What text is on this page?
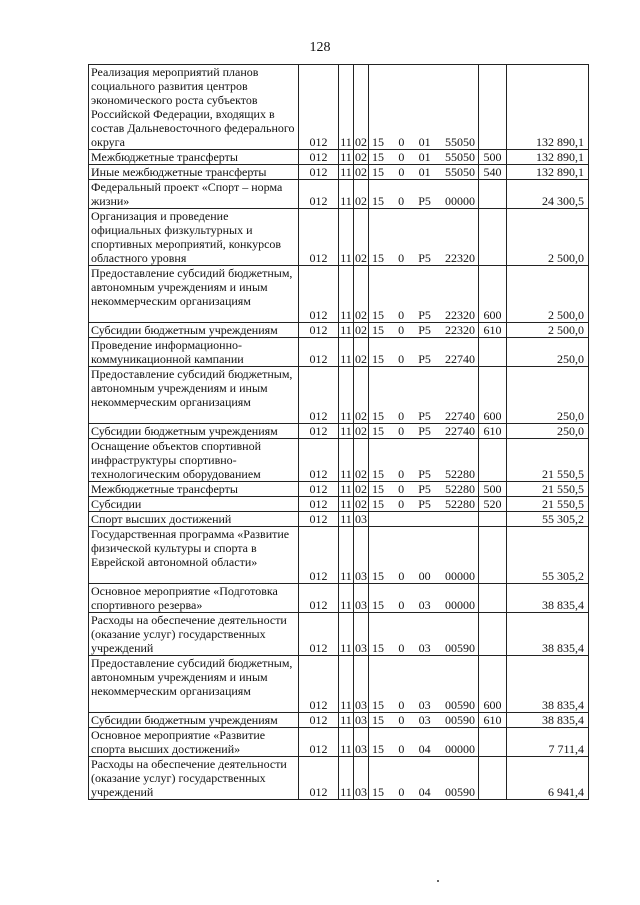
128
Реализация мероприятий планов социального развития центров экономического роста субъектов Российской Федерации, входящих в состав Дальневосточного федерального округа	012	11	02	15 0 01 55050		132 890,1
Межбюджетные трансферты	012	11	02	15 0 01 55050	500	132 890,1
Иные межбюджетные трансферты	012	11	02	15 0 01 55050	540	132 890,1
Федеральный проект «Спорт – норма жизни»	012	11	02	15 0 P5 00000		24 300,5
Организация и проведение официальных физкультурных и спортивных мероприятий, конкурсов областного уровня	012	11	02	15 0 P5 22320		2 500,0
Предоставление субсидий бюджетным, автономным учреждениям и иным некоммерческим организациям	012	11	02	15 0 P5 22320	600	2 500,0
Субсидии бюджетным учреждениям	012	11	02	15 0 P5 22320	610	2 500,0
Проведение информационно-коммуникационной кампании	012	11	02	15 0 P5 22740		250,0
Предоставление субсидий бюджетным, автономным учреждениям и иным некоммерческим организациям	012	11	02	15 0 P5 22740	600	250,0
Субсидии бюджетным учреждениям	012	11	02	15 0 P5 22740	610	250,0
Оснащение объектов спортивной инфраструктуры спортивно-технологическим оборудованием	012	11	02	15 0 P5 52280		21 550,5
Межбюджетные трансферты	012	11	02	15 0 P5 52280	500	21 550,5
Субсидии	012	11	02	15 0 P5 52280	520	21 550,5
Спорт высших достижений	012	11	03			55 305,2
Государственная программа «Развитие физической культуры и спорта в Еврейской автономной области»	012	11	03	15 0 00 00000		55 305,2
Основное мероприятие «Подготовка спортивного резерва»	012	11	03	15 0 03 00000		38 835,4
Расходы на обеспечение деятельности (оказание услуг) государственных учреждений	012	11	03	15 0 03 00590		38 835,4
Предоставление субсидий бюджетным, автономным учреждениям и иным некоммерческим организациям	012	11	03	15 0 03 00590	600	38 835,4
Субсидии бюджетным учреждениям	012	11	03	15 0 03 00590	610	38 835,4
Основное мероприятие «Развитие спорта высших достижений»	012	11	03	15 0 04 00000		7 711,4
Расходы на обеспечение деятельности (оказание услуг) государственных учреждений	012	11	03	15 0 04 00590		6 941,4
